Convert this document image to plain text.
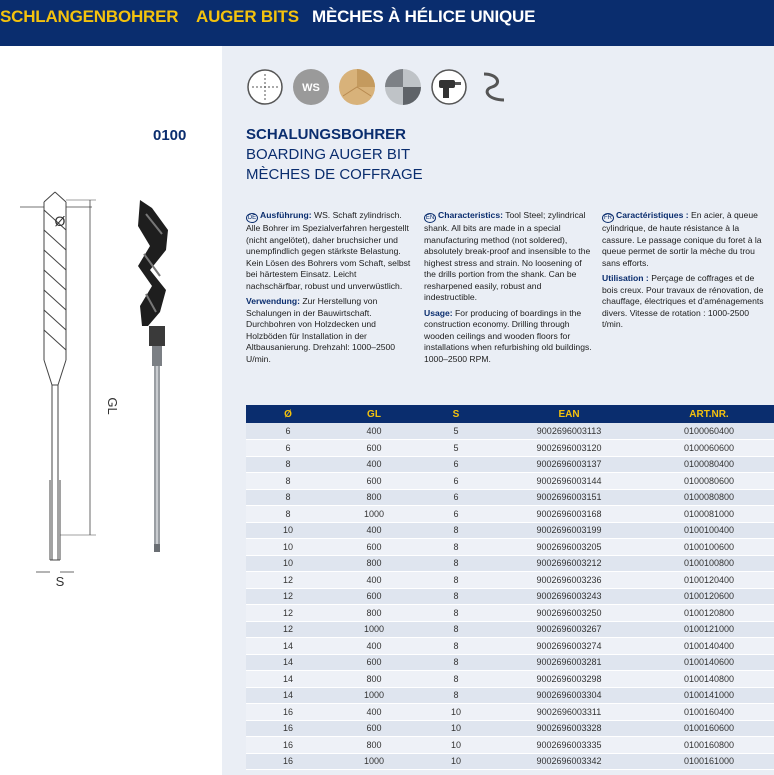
SCHLANGENBOHRER AUGER BITS MÈCHES À HÉLICE UNIQUE
WS
0100	SCHALUNGSBOHRER
BOARDING AUGER BIT
MÈCHES DE COFFRAGE
Ø
GL
S

DE Ausführung: WS. Schaft zylindrisch. Alle Bohrer im Spezialverfahren hergestellt (nicht angelötet), daher bruchsicher und unempfindlich gegen stärkste Belastung. Kein Lösen des Bohrers vom Schaft, selbst bei härtestem Einsatz. Leicht nachschärfbar, robust und unverwüstlich.

Verwendung: Zur Herstellung von Schalungen in der Bauwirtschaft. Durchbohren von Holzdecken und Holzböden für Installation in der Altbausanierung. Drehzahl: 1000–2500 U/min.

EN Characteristics: Tool Steel; zylindrical shank. All bits are made in a special manufacturing method (not soldered), absolutely break-proof and insensible to the highest stress and strain. No loosening of the drills portion from the shank. Can be resharpened easily, robust and indestructible.

Usage: For producing of boardings in the construction economy. Drilling through wooden ceilings and wooden floors for installations when refurbishing old buildings. 1000–2500 RPM.

FR Caractéristiques : En acier, à queue cylindrique, de haute résistance à la cassure. Le passage conique du foret à la queue permet de sortir la mèche du trou sans efforts.

Utilisation : Perçage de coffrages et de bois creux. Pour travaux de rénovation, de chauffage, électriques et d'aménagements divers. Vitesse de rotation : 1000-2500 t/min.

Ø	GL	S	EAN	ART.NR.
6	400	5	9002696003113	0100060400
6	600	5	9002696003120	0100060600
8	400	6	9002696003137	0100080400
8	600	6	9002696003144	0100080600
8	800	6	9002696003151	0100080800
8	1000	6	9002696003168	0100081000
10	400	8	9002696003199	0100100400
10	600	8	9002696003205	0100100600
10	800	8	9002696003212	0100100800
12	400	8	9002696003236	0100120400
12	600	8	9002696003243	0100120600
12	800	8	9002696003250	0100120800
12	1000	8	9002696003267	0100121000
14	400	8	9002696003274	0100140400
14	600	8	9002696003281	0100140600
14	800	8	9002696003298	0100140800
14	1000	8	9002696003304	0100141000
16	400	10	9002696003311	0100160400
16	600	10	9002696003328	0100160600
16	800	10	9002696003335	0100160800
16	1000	10	9002696003342	0100161000
